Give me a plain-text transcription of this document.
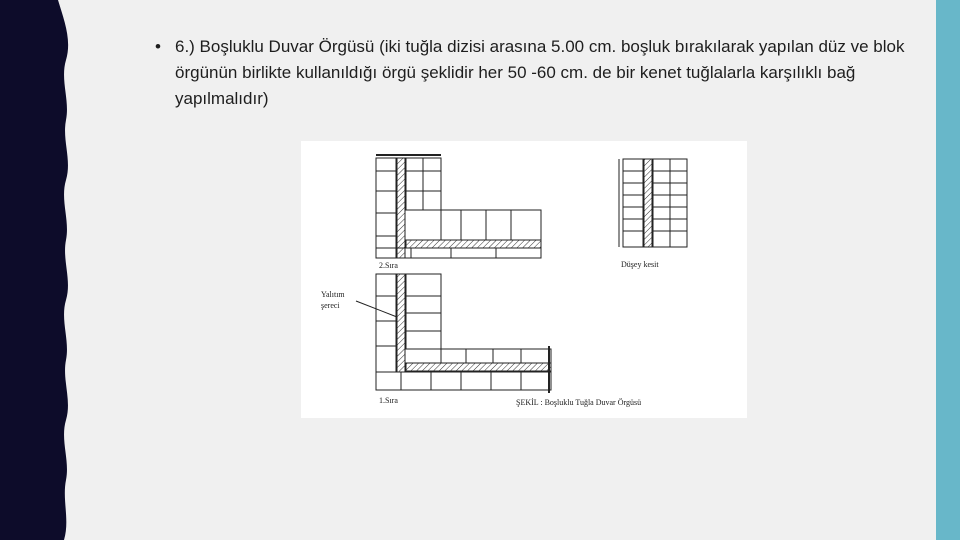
• 6.) Boşluklu Duvar Örgüsü (iki tuğla dizisi arasına 5.00 cm. boşluk bırakılarak yapılan düz ve blok örgünün birlikte kullanıldığı örgü şeklidir her 50 -60 cm. de bir kenet tuğlalarla karşılıklı bağ yapılmalıdır)
2.Sıra	Düşey kesit
Yalıtım
şereci
1.Sıra	ŞEKİL : Boşluklu Tuğla Duvar Örgüsü
